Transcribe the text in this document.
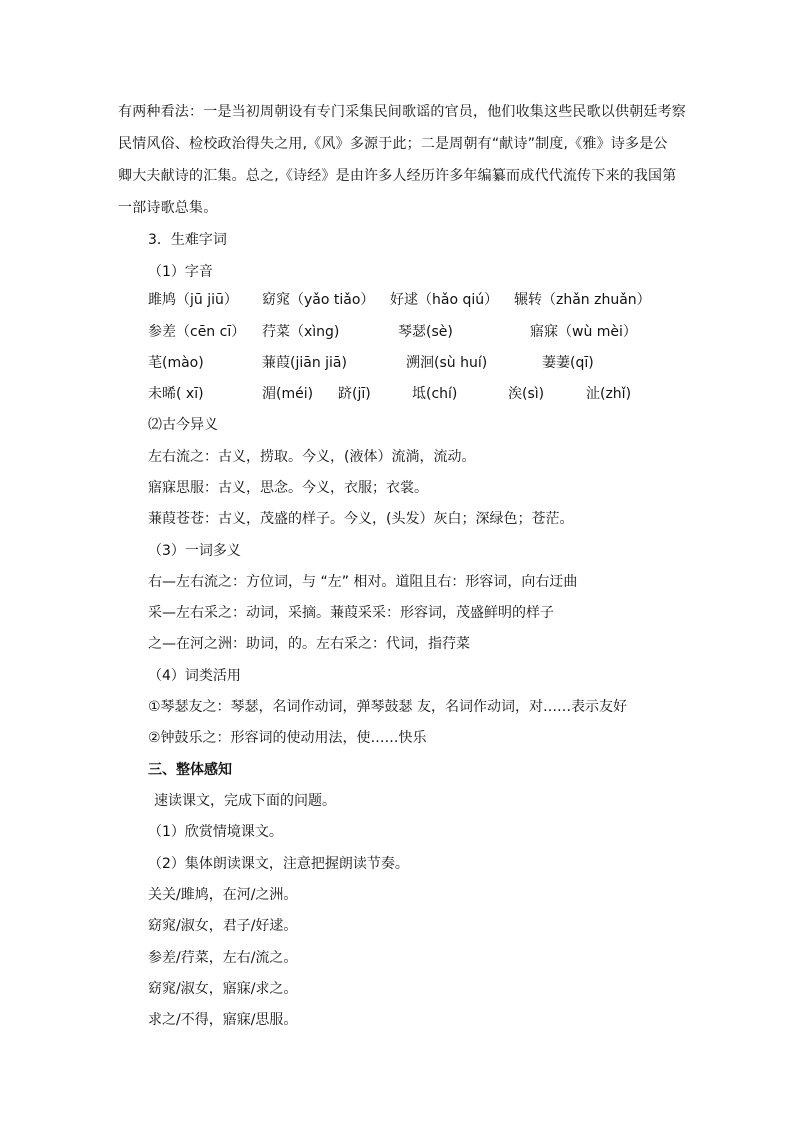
有两种看法：一是当初周朝设有专门采集民间歌谣的官员，他们收集这些民歌以供朝廷考察
民情风俗、检校政治得失之用,《风》多源于此；二是周朝有“献诗”制度,《雅》诗多是公
卿大夫献诗的汇集。总之,《诗经》是由许多人经历许多年编纂而成代代流传下来的我国第
一部诗歌总集。
3．生难字词
（1）字音
雎鸠（jū jiū） 窈窕（yǎo tiǎo） 好逑（hǎo qiú） 辗转（zhǎn zhuǎn）
参差（cēn cī） 荇菜（xìng)	琴瑟(sè)	寤寐（wù mèi）
芼(mào)	蒹葭(jiān jiā)	溯洄(sù huí)	萋萋(qī)
未晞( xī)	湄(méi) 跻(jī)	坻(chí)	涘(sì)	沚(zhǐ)
⑵古今异义
左右流之：古义，捞取。今义，(液体）流淌，流动。
寤寐思服：古义，思念。今义，衣服；衣裳。
蒹葭苍苍：古义，茂盛的样子。今义，(头发）灰白；深绿色；苍茫。
（3）一词多义
右—左右流之：方位词，与 “左” 相对。道阻且右：形容词，向右迂曲
采—左右采之：动词，采摘。蒹葭采采：形容词，茂盛鲜明的样子
之—在河之洲：助词，的。左右采之：代词，指荇菜
（4）词类活用
①琴瑟友之：琴瑟，名词作动词，弹琴鼓瑟 友，名词作动词，对……表示友好
②钟鼓乐之：形容词的使动用法，使……快乐
三、整体感知
速读课文，完成下面的问题。
（1）欣赏情境课文。
（2）集体朗读课文，注意把握朗读节奏。
关关/雎鸠，在河/之洲。
窈窕/淑女，君子/好逑。
参差/荇菜，左右/流之。
窈窕/淑女，寤寐/求之。
求之/不得，寤寐/思服。
